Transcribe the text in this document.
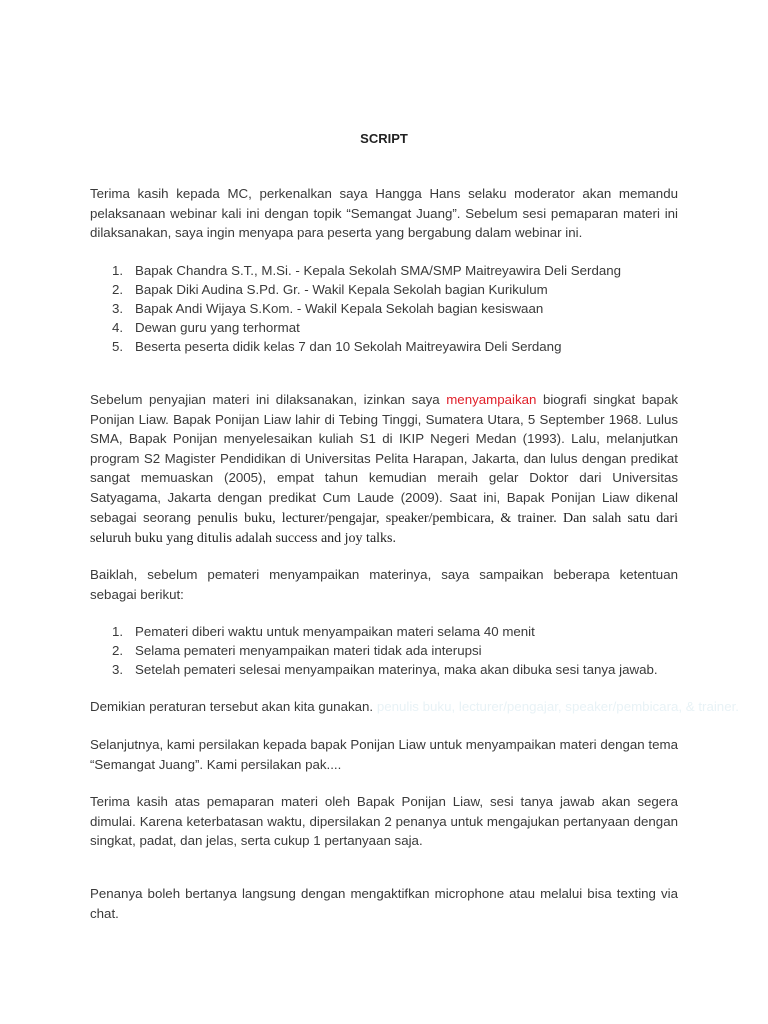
SCRIPT

Terima kasih kepada MC, perkenalkan saya Hangga Hans selaku moderator akan memandu pelaksanaan webinar kali ini dengan topik “Semangat Juang”. Sebelum sesi pemaparan materi ini dilaksanakan, saya ingin menyapa para peserta yang bergabung dalam webinar ini.

1. Bapak Chandra S.T., M.Si. - Kepala Sekolah SMA/SMP Maitreyawira Deli Serdang
2. Bapak Diki Audina S.Pd. Gr. - Wakil Kepala Sekolah bagian Kurikulum
3. Bapak Andi Wijaya S.Kom. - Wakil Kepala Sekolah bagian kesiswaan
4. Dewan guru yang terhormat
5. Beserta peserta didik kelas 7 dan 10 Sekolah Maitreyawira Deli Serdang

Sebelum penyajian materi ini dilaksanakan, izinkan saya menyampaikan biografi singkat bapak Ponijan Liaw. Bapak Ponijan Liaw lahir di Tebing Tinggi, Sumatera Utara, 5 September 1968. Lulus SMA, Bapak Ponijan menyelesaikan kuliah S1 di IKIP Negeri Medan (1993). Lalu, melanjutkan program S2 Magister Pendidikan di Universitas Pelita Harapan, Jakarta, dan lulus dengan predikat sangat memuaskan (2005), empat tahun kemudian meraih gelar Doktor dari Universitas Satyagama, Jakarta dengan predikat Cum Laude (2009). Saat ini, Bapak Ponijan Liaw dikenal sebagai seorang penulis buku, lecturer/pengajar, speaker/pembicara, & trainer. Dan salah satu dari seluruh buku yang ditulis adalah success and joy talks.

Baiklah, sebelum pemateri menyampaikan materinya, saya sampaikan beberapa ketentuan sebagai berikut:

1. Pemateri diberi waktu untuk menyampaikan materi selama 40 menit
2. Selama pemateri menyampaikan materi tidak ada interupsi
3. Setelah pemateri selesai menyampaikan materinya, maka akan dibuka sesi tanya jawab.

Demikian peraturan tersebut akan kita gunakan. penulis buku, lecturer/pengajar, speaker/pembicara, & trainer.

Selanjutnya, kami persilakan kepada bapak Ponijan Liaw untuk menyampaikan materi dengan tema “Semangat Juang”. Kami persilakan pak....

Terima kasih atas pemaparan materi oleh Bapak Ponijan Liaw, sesi tanya jawab akan segera dimulai. Karena keterbatasan waktu, dipersilakan 2 penanya untuk mengajukan pertanyaan dengan singkat, padat, dan jelas, serta cukup 1 pertanyaan saja.

Penanya boleh bertanya langsung dengan mengaktifkan microphone atau melalui bisa texting via chat.
